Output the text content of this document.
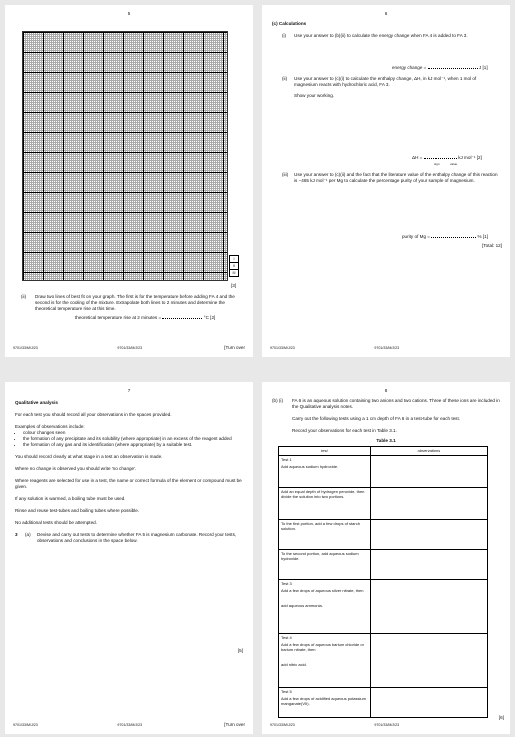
5
I
II
III
[3]
(ii) Draw two lines of best fit on your graph. The first is for the temperature before adding FA 4 and the second is for the cooling of the mixture. Extrapolate both lines to 2 minutes and determine the theoretical temperature rise at this time.
theoretical temperature rise at 2 minutes =	°C [2]
9701/33/M/J/23	9701/33/M/J/23	[Turn over
6
(c) Calculations
(i) Use your answer to (b)(ii) to calculate the energy change when FA 4 is added to FA 3.
energy change =	J [1]
(ii) Use your answer to (c)(i) to calculate the enthalpy change, ΔH, in kJ mol⁻¹, when 1 mol of magnesium reacts with hydrochloric acid, FA 3.
Show your working.
ΔH =	kJ mol⁻¹ [2]
sign	value
(iii) Use your answer to (c)(ii) and the fact that the literature value of the enthalpy change of this reaction is −465 kJ mol⁻¹ per Mg to calculate the percentage purity of your sample of magnesium.
purity of Mg =	% [1]
[Total: 12]
9701/33/M/J/23	9701/33/M/J/23
7
Qualitative analysis
For each test you should record all your observations in the spaces provided.
Examples of observations include:
• colour changes seen
• the formation of any precipitate and its solubility (where appropriate) in an excess of the reagent added
• the formation of any gas and its identification (where appropriate) by a suitable test.
You should record clearly at what stage in a test an observation is made.
Where no change is observed you should write 'no change'.
Where reagents are selected for use in a test, the name or correct formula of the element or compound must be given.
If any solution is warmed, a boiling tube must be used.
Rinse and reuse test-tubes and boiling tubes where possible.
No additional tests should be attempted.
3 (a) Devise and carry out tests to determine whether FA 5 is magnesium carbonate. Record your tests, observations and conclusions in the space below.
[5]
9701/33/M/J/23	9701/33/M/J/23	[Turn over
8
(b) (i) FA 6 is an aqueous solution containing two anions and two cations. Three of these ions are included in the Qualitative analysis notes.
Carry out the following tests using a 1 cm depth of FA 6 in a test-tube for each test.
Record your observations for each test in Table 3.1.
Table 3.1
test	observations

Test 1

Add aqueous sodium hydroxide.	

Add an equal depth of hydrogen peroxide, then divide the solution into two portions.	

To the first portion, add a few drops of starch solution.	

To the second portion, add aqueous sodium hydroxide.	

Test 3

Add a few drops of aqueous silver nitrate, then

add aqueous ammonia.	

Test 4

Add a few drops of aqueous barium chloride or barium nitrate, then

add nitric acid.	

Test 5

Add a few drops of acidified aqueous potassium manganate(VII).	

[6]
9701/33/M/J/23	9701/33/M/J/23
